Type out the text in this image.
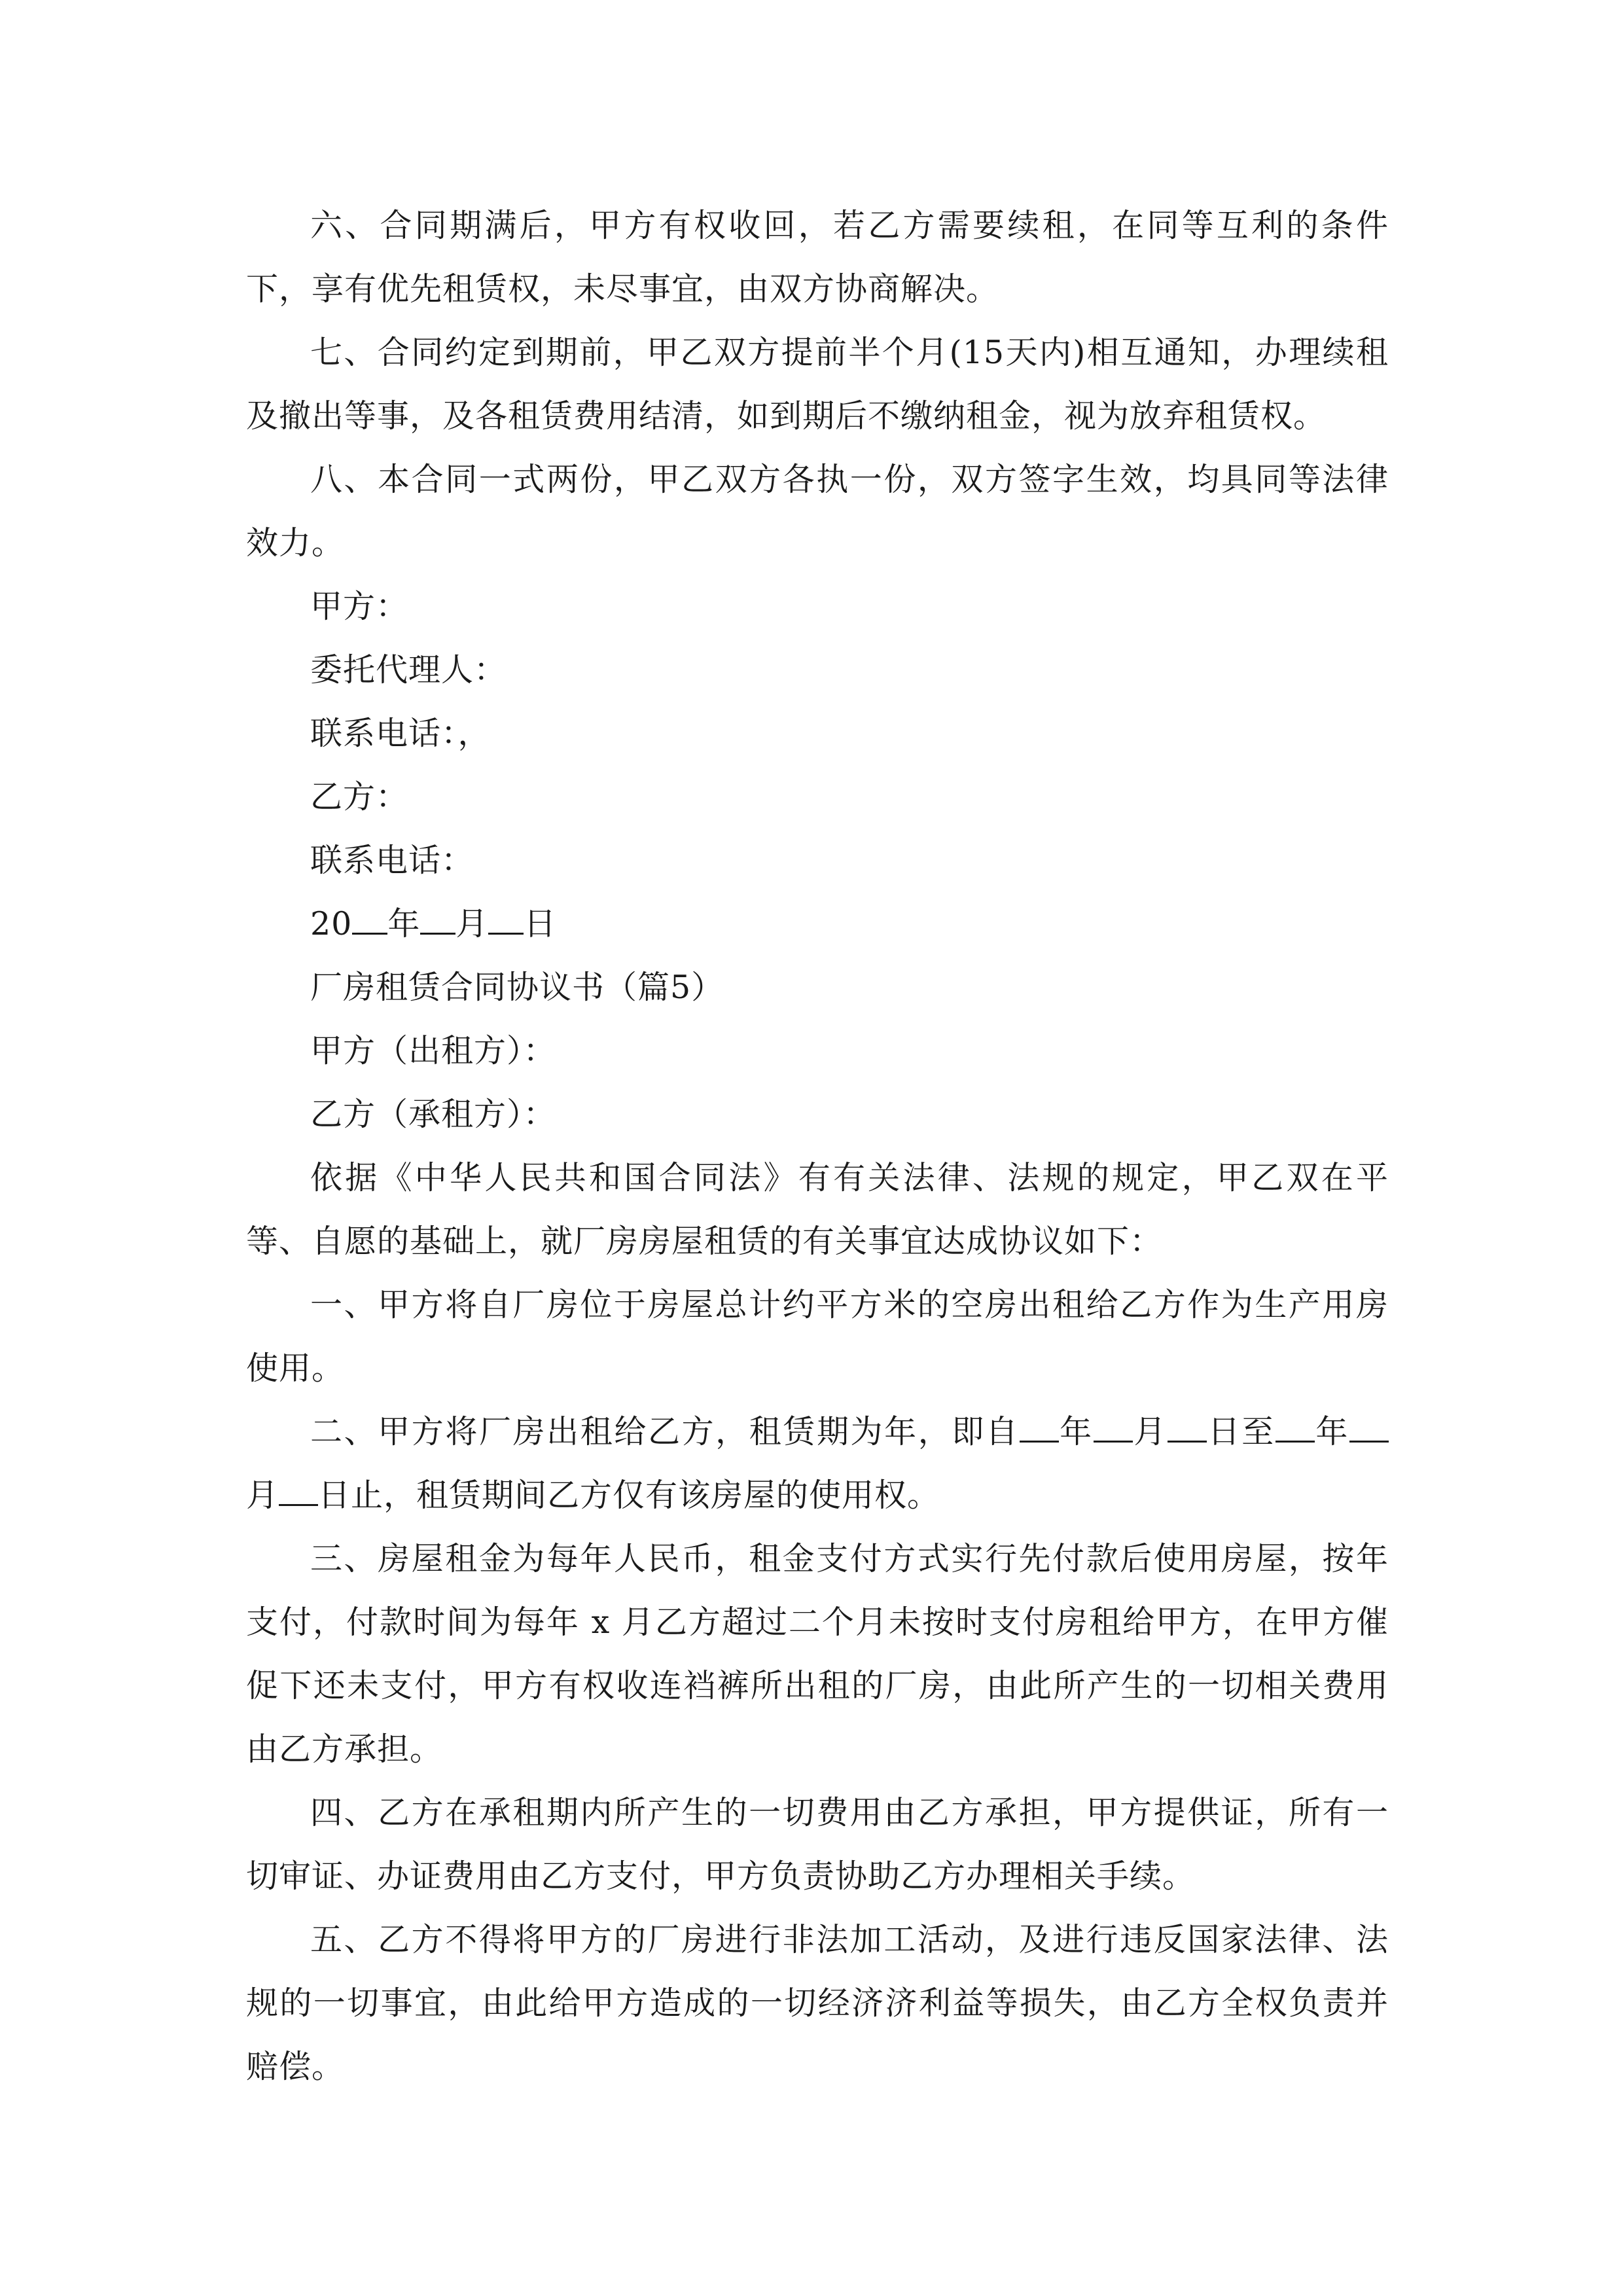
六、合同期满后，甲方有权收回，若乙方需要续租，在同等互利的条件下，享有优先租赁权，未尽事宜，由双方协商解决。

七、合同约定到期前，甲乙双方提前半个月(15天内)相互通知，办理续租及撤出等事，及各租赁费用结清，如到期后不缴纳租金，视为放弃租赁权。

八、本合同一式两份，甲乙双方各执一份，双方签字生效，均具同等法律效力。

甲方：

委托代理人：

联系电话：，

乙方：

联系电话：

20 年 月 日

厂房租赁合同协议书（篇5）

甲方（出租方）：

乙方（承租方）：

依据《中华人民共和国合同法》有有关法律、法规的规定，甲乙双在平等、自愿的基础上，就厂房房屋租赁的有关事宜达成协议如下：

一、甲方将自厂房位于房屋总计约平方米的空房出租给乙方作为生产用房使用。

二、甲方将厂房出租给乙方，租赁期为年，即自 年 月 日至 年月 日止，租赁期间乙方仅有该房屋的使用权。

三、房屋租金为每年人民币，租金支付方式实行先付款后使用房屋，按年支付，付款时间为每年 x 月乙方超过二个月未按时支付房租给甲方，在甲方催促下还未支付，甲方有权收连裆裤所出租的厂房，由此所产生的一切相关费用由乙方承担。

四、乙方在承租期内所产生的一切费用由乙方承担，甲方提供证，所有一切审证、办证费用由乙方支付，甲方负责协助乙方办理相关手续。

五、乙方不得将甲方的厂房进行非法加工活动，及进行违反国家法律、法规的一切事宜，由此给甲方造成的一切经济济利益等损失，由乙方全权负责并赔偿。
